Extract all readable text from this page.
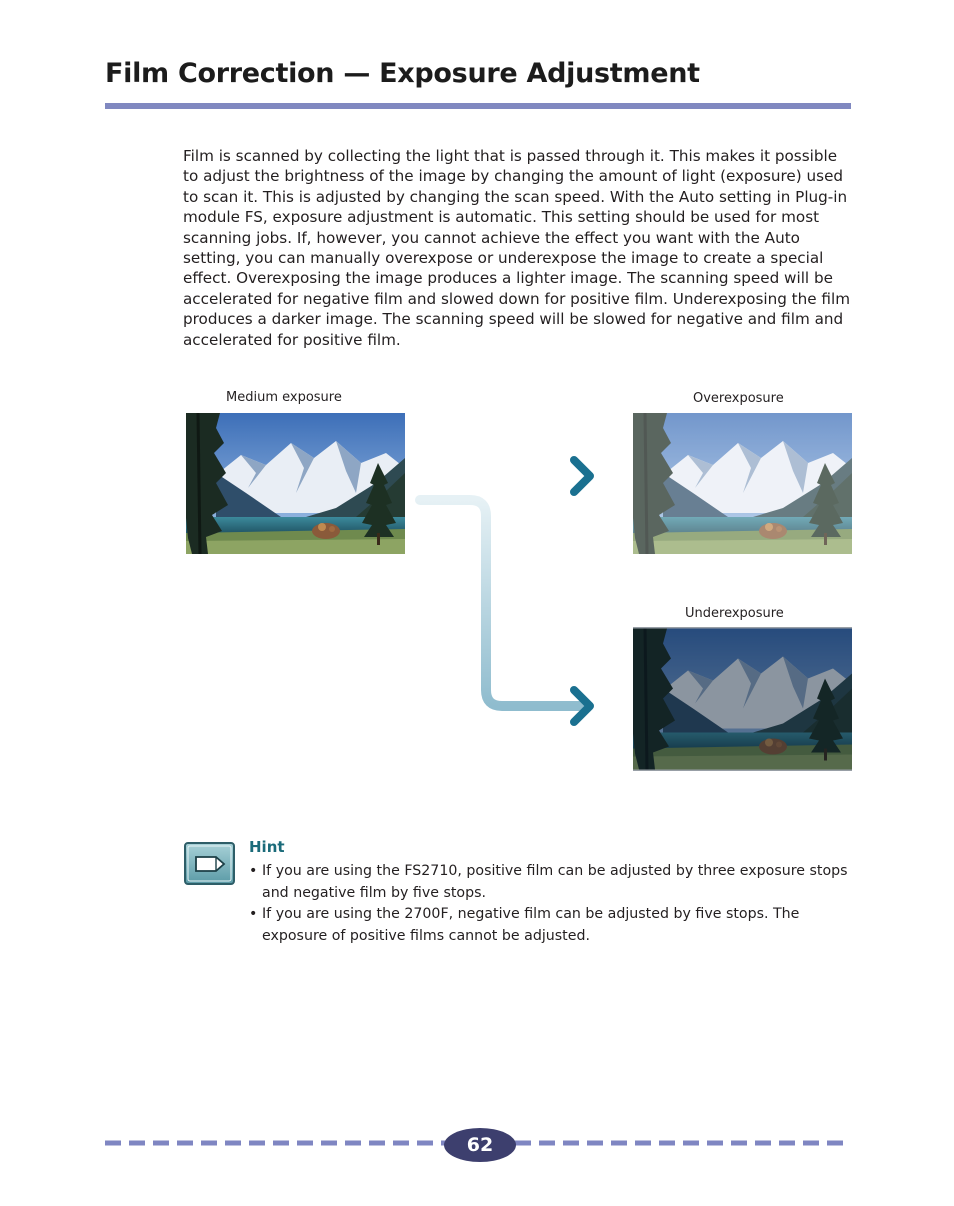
Film Correction — Exposure Adjustment

Film is scanned by collecting the light that is passed through it. This makes it possible to adjust the brightness of the image by changing the amount of light (exposure) used to scan it. This is adjusted by changing the scan speed. With the Auto setting in Plug-in module FS, exposure adjustment is automatic. This setting should be used for most scanning jobs. If, however, you cannot achieve the effect you want with the Auto setting, you can manually overexpose or underexpose the image to create a special effect. Overexposing the image produces a lighter image. The scanning speed will be accelerated for negative film and slowed down for positive film. Underexposing the film produces a darker image. The scanning speed will be slowed for negative and film and accelerated for positive film.

Medium exposure	Overexposure
Underexposure
Hint
• If you are using the FS2710, positive film can be adjusted by three exposure stops and negative film by five stops.
• If you are using the 2700F, negative film can be adjusted by five stops. The exposure of positive films cannot be adjusted.
62
